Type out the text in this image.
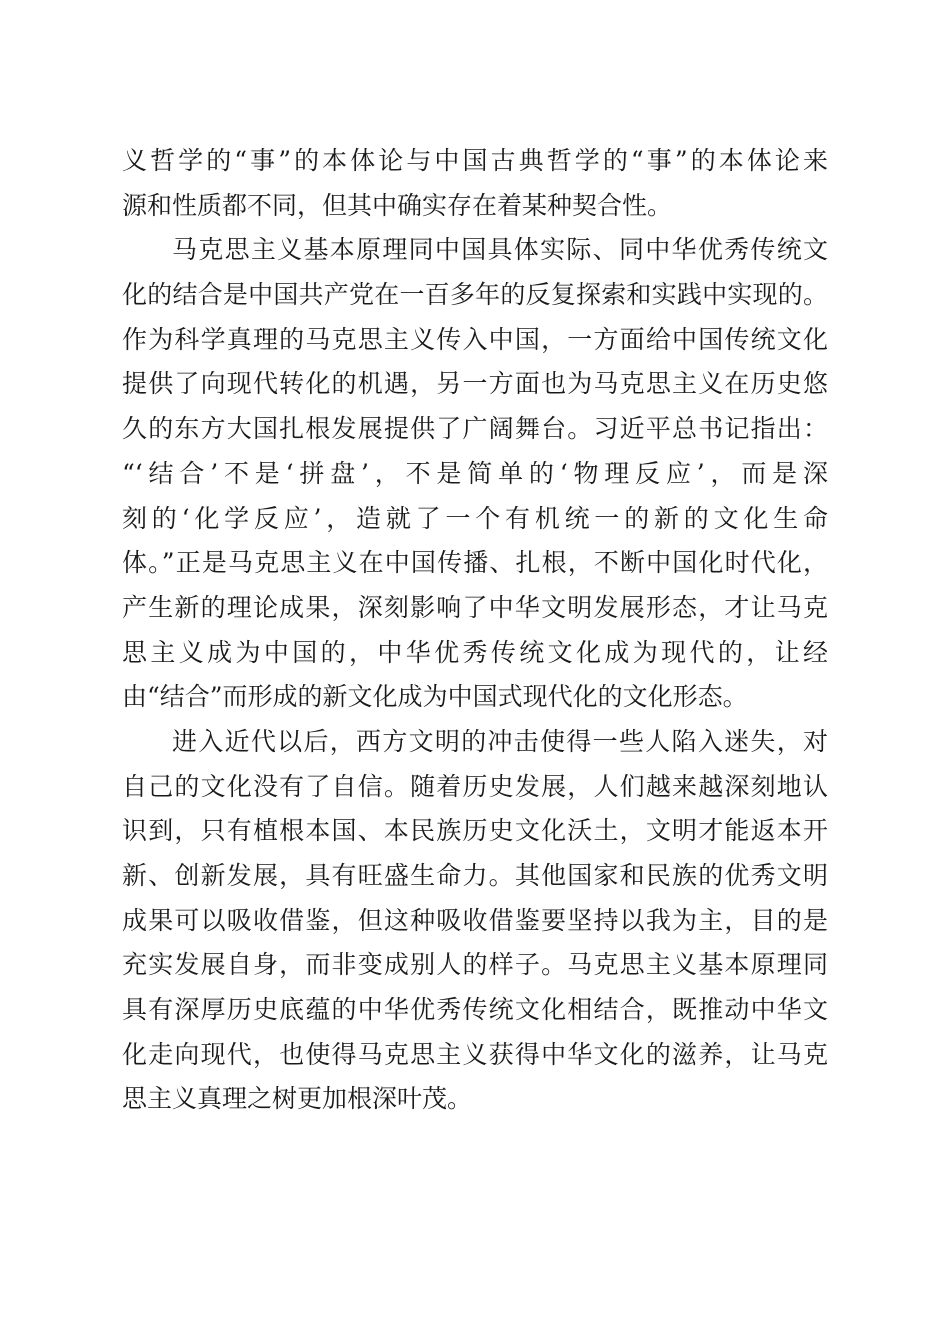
义哲学的“事”的本体论与中国古典哲学的“事”的本体论来
源和性质都不同，但其中确实存在着某种契合性。
马克思主义基本原理同中国具体实际、同中华优秀传统文
化的结合是中国共产党在一百多年的反复探索和实践中实现的。
作为科学真理的马克思主义传入中国，一方面给中国传统文化
提供了向现代转化的机遇，另一方面也为马克思主义在历史悠
久的东方大国扎根发展提供了广阔舞台。习近平总书记指出：
“‘结合’不是‘拼盘’，不是简单的‘物理反应’，而是深
刻的‘化学反应’，造就了一个有机统一的新的文化生命
体。”正是马克思主义在中国传播、扎根，不断中国化时代化，
产生新的理论成果，深刻影响了中华文明发展形态，才让马克
思主义成为中国的，中华优秀传统文化成为现代的，让经
由“结合”而形成的新文化成为中国式现代化的文化形态。
进入近代以后，西方文明的冲击使得一些人陷入迷失，对
自己的文化没有了自信。随着历史发展，人们越来越深刻地认
识到，只有植根本国、本民族历史文化沃土，文明才能返本开
新、创新发展，具有旺盛生命力。其他国家和民族的优秀文明
成果可以吸收借鉴，但这种吸收借鉴要坚持以我为主，目的是
充实发展自身，而非变成别人的样子。马克思主义基本原理同
具有深厚历史底蕴的中华优秀传统文化相结合，既推动中华文
化走向现代，也使得马克思主义获得中华文化的滋养，让马克
思主义真理之树更加根深叶茂。
